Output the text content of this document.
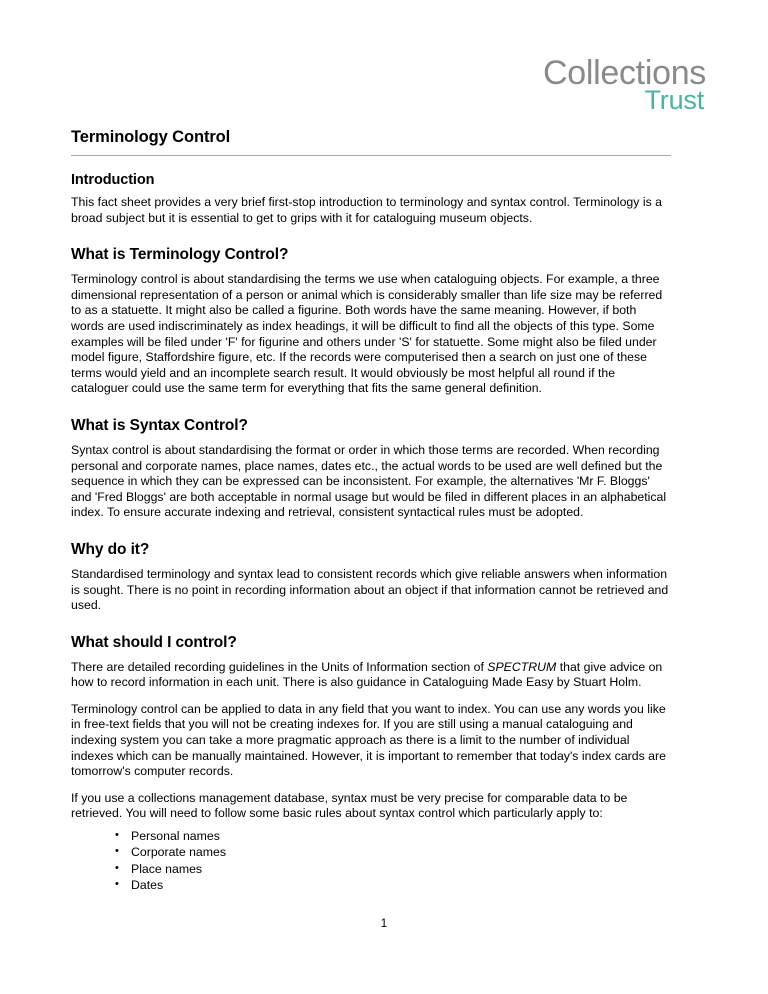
Collections
Trust
Terminology Control
Introduction

This fact sheet provides a very brief first-stop introduction to terminology and syntax control. Terminology is a broad subject but it is essential to get to grips with it for cataloguing museum objects.

What is Terminology Control?

Terminology control is about standardising the terms we use when cataloguing objects. For example, a three dimensional representation of a person or animal which is considerably smaller than life size may be referred to as a statuette. It might also be called a figurine. Both words have the same meaning. However, if both words are used indiscriminately as index headings, it will be difficult to find all the objects of this type. Some examples will be filed under 'F' for figurine and others under 'S' for statuette. Some might also be filed under model figure, Staffordshire figure, etc. If the records were computerised then a search on just one of these terms would yield and an incomplete search result. It would obviously be most helpful all round if the cataloguer could use the same term for everything that fits the same general definition.

What is Syntax Control?

Syntax control is about standardising the format or order in which those terms are recorded. When recording personal and corporate names, place names, dates etc., the actual words to be used are well defined but the sequence in which they can be expressed can be inconsistent. For example, the alternatives 'Mr F. Bloggs' and 'Fred Bloggs' are both acceptable in normal usage but would be filed in different places in an alphabetical index. To ensure accurate indexing and retrieval, consistent syntactical rules must be adopted.

Why do it?

Standardised terminology and syntax lead to consistent records which give reliable answers when information is sought. There is no point in recording information about an object if that information cannot be retrieved and used.

What should I control?

There are detailed recording guidelines in the Units of Information section of SPECTRUM that give advice on how to record information in each unit. There is also guidance in Cataloguing Made Easy by Stuart Holm.

Terminology control can be applied to data in any field that you want to index. You can use any words you like in free-text fields that you will not be creating indexes for. If you are still using a manual cataloguing and indexing system you can take a more pragmatic approach as there is a limit to the number of individual indexes which can be manually maintained. However, it is important to remember that today's index cards are tomorrow's computer records.

If you use a collections management database, syntax must be very precise for comparable data to be retrieved. You will need to follow some basic rules about syntax control which particularly apply to:

• Personal names
• Corporate names
• Place names
• Dates
1
